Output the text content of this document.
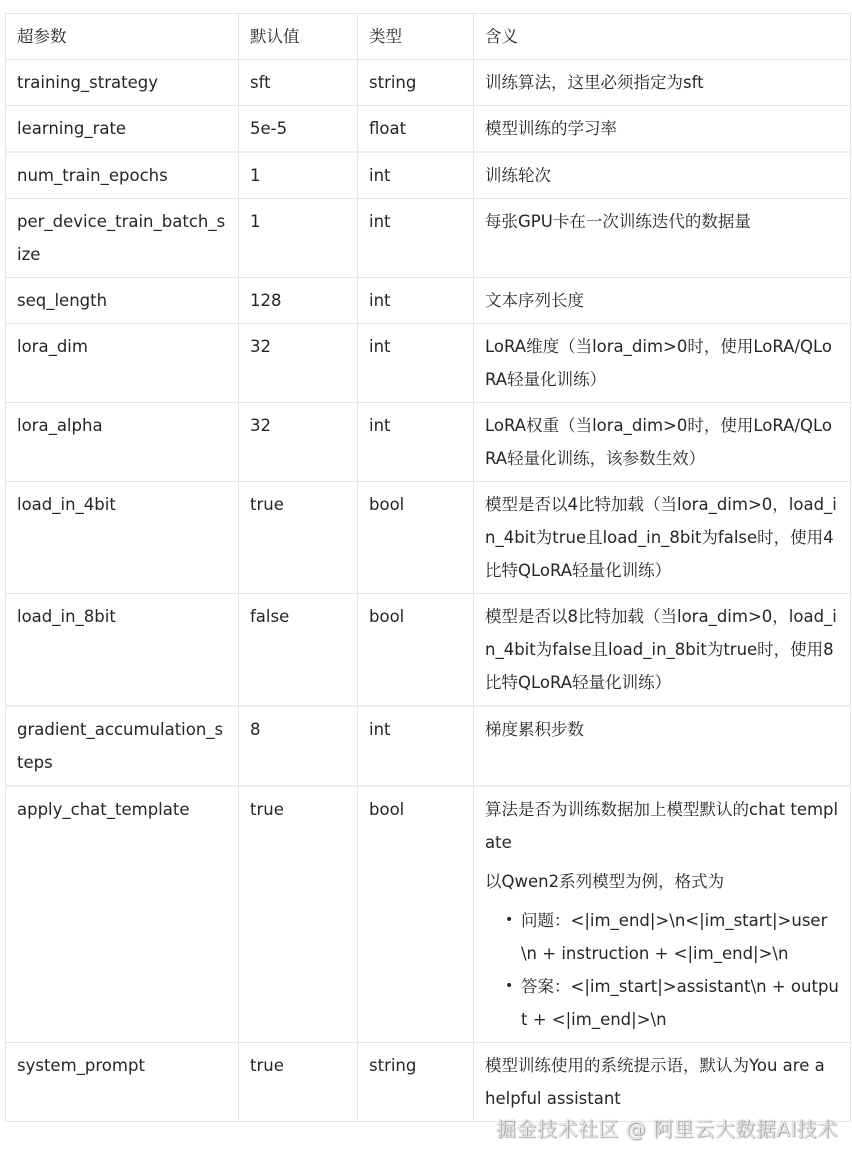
超参数	默认值	类型	含义
training_strategy	sft	string	训练算法，这里必须指定为sft
learning_rate	5e-5	float	模型训练的学习率
num_train_epochs	1	int	训练轮次
per_device_train_batch_size	1	int	每张GPU卡在一次训练迭代的数据量
seq_length	128	int	文本序列长度
lora_dim	32	int	LoRA维度（当lora_dim>0时，使用LoRA/QLoRA轻量化训练）
lora_alpha	32	int	LoRA权重（当lora_dim>0时，使用LoRA/QLoRA轻量化训练，该参数生效）
load_in_4bit	true	bool	模型是否以4比特加载（当lora_dim>0，load_in_4bit为true且load_in_8bit为false时，使用4比特QLoRA轻量化训练）
load_in_8bit	false	bool	模型是否以8比特加载（当lora_dim>0，load_in_4bit为false且load_in_8bit为true时，使用8比特QLoRA轻量化训练）
gradient_accumulation_steps	8	int	梯度累积步数
apply_chat_template	true	bool	算法是否为训练数据加上模型默认的chat template

以Qwen2系列模型为例，格式为

• 问题：<|im_end|>\n<|im_start|>user\n + instruction + <|im_end|>\n
• 答案：<|im_start|>assistant\n + output + <|im_end|>\n

system_prompt	true	string	模型训练使用的系统提示语，默认为You are a helpful assistant
掘金技术社区 @ 阿里云大数据AI技术
